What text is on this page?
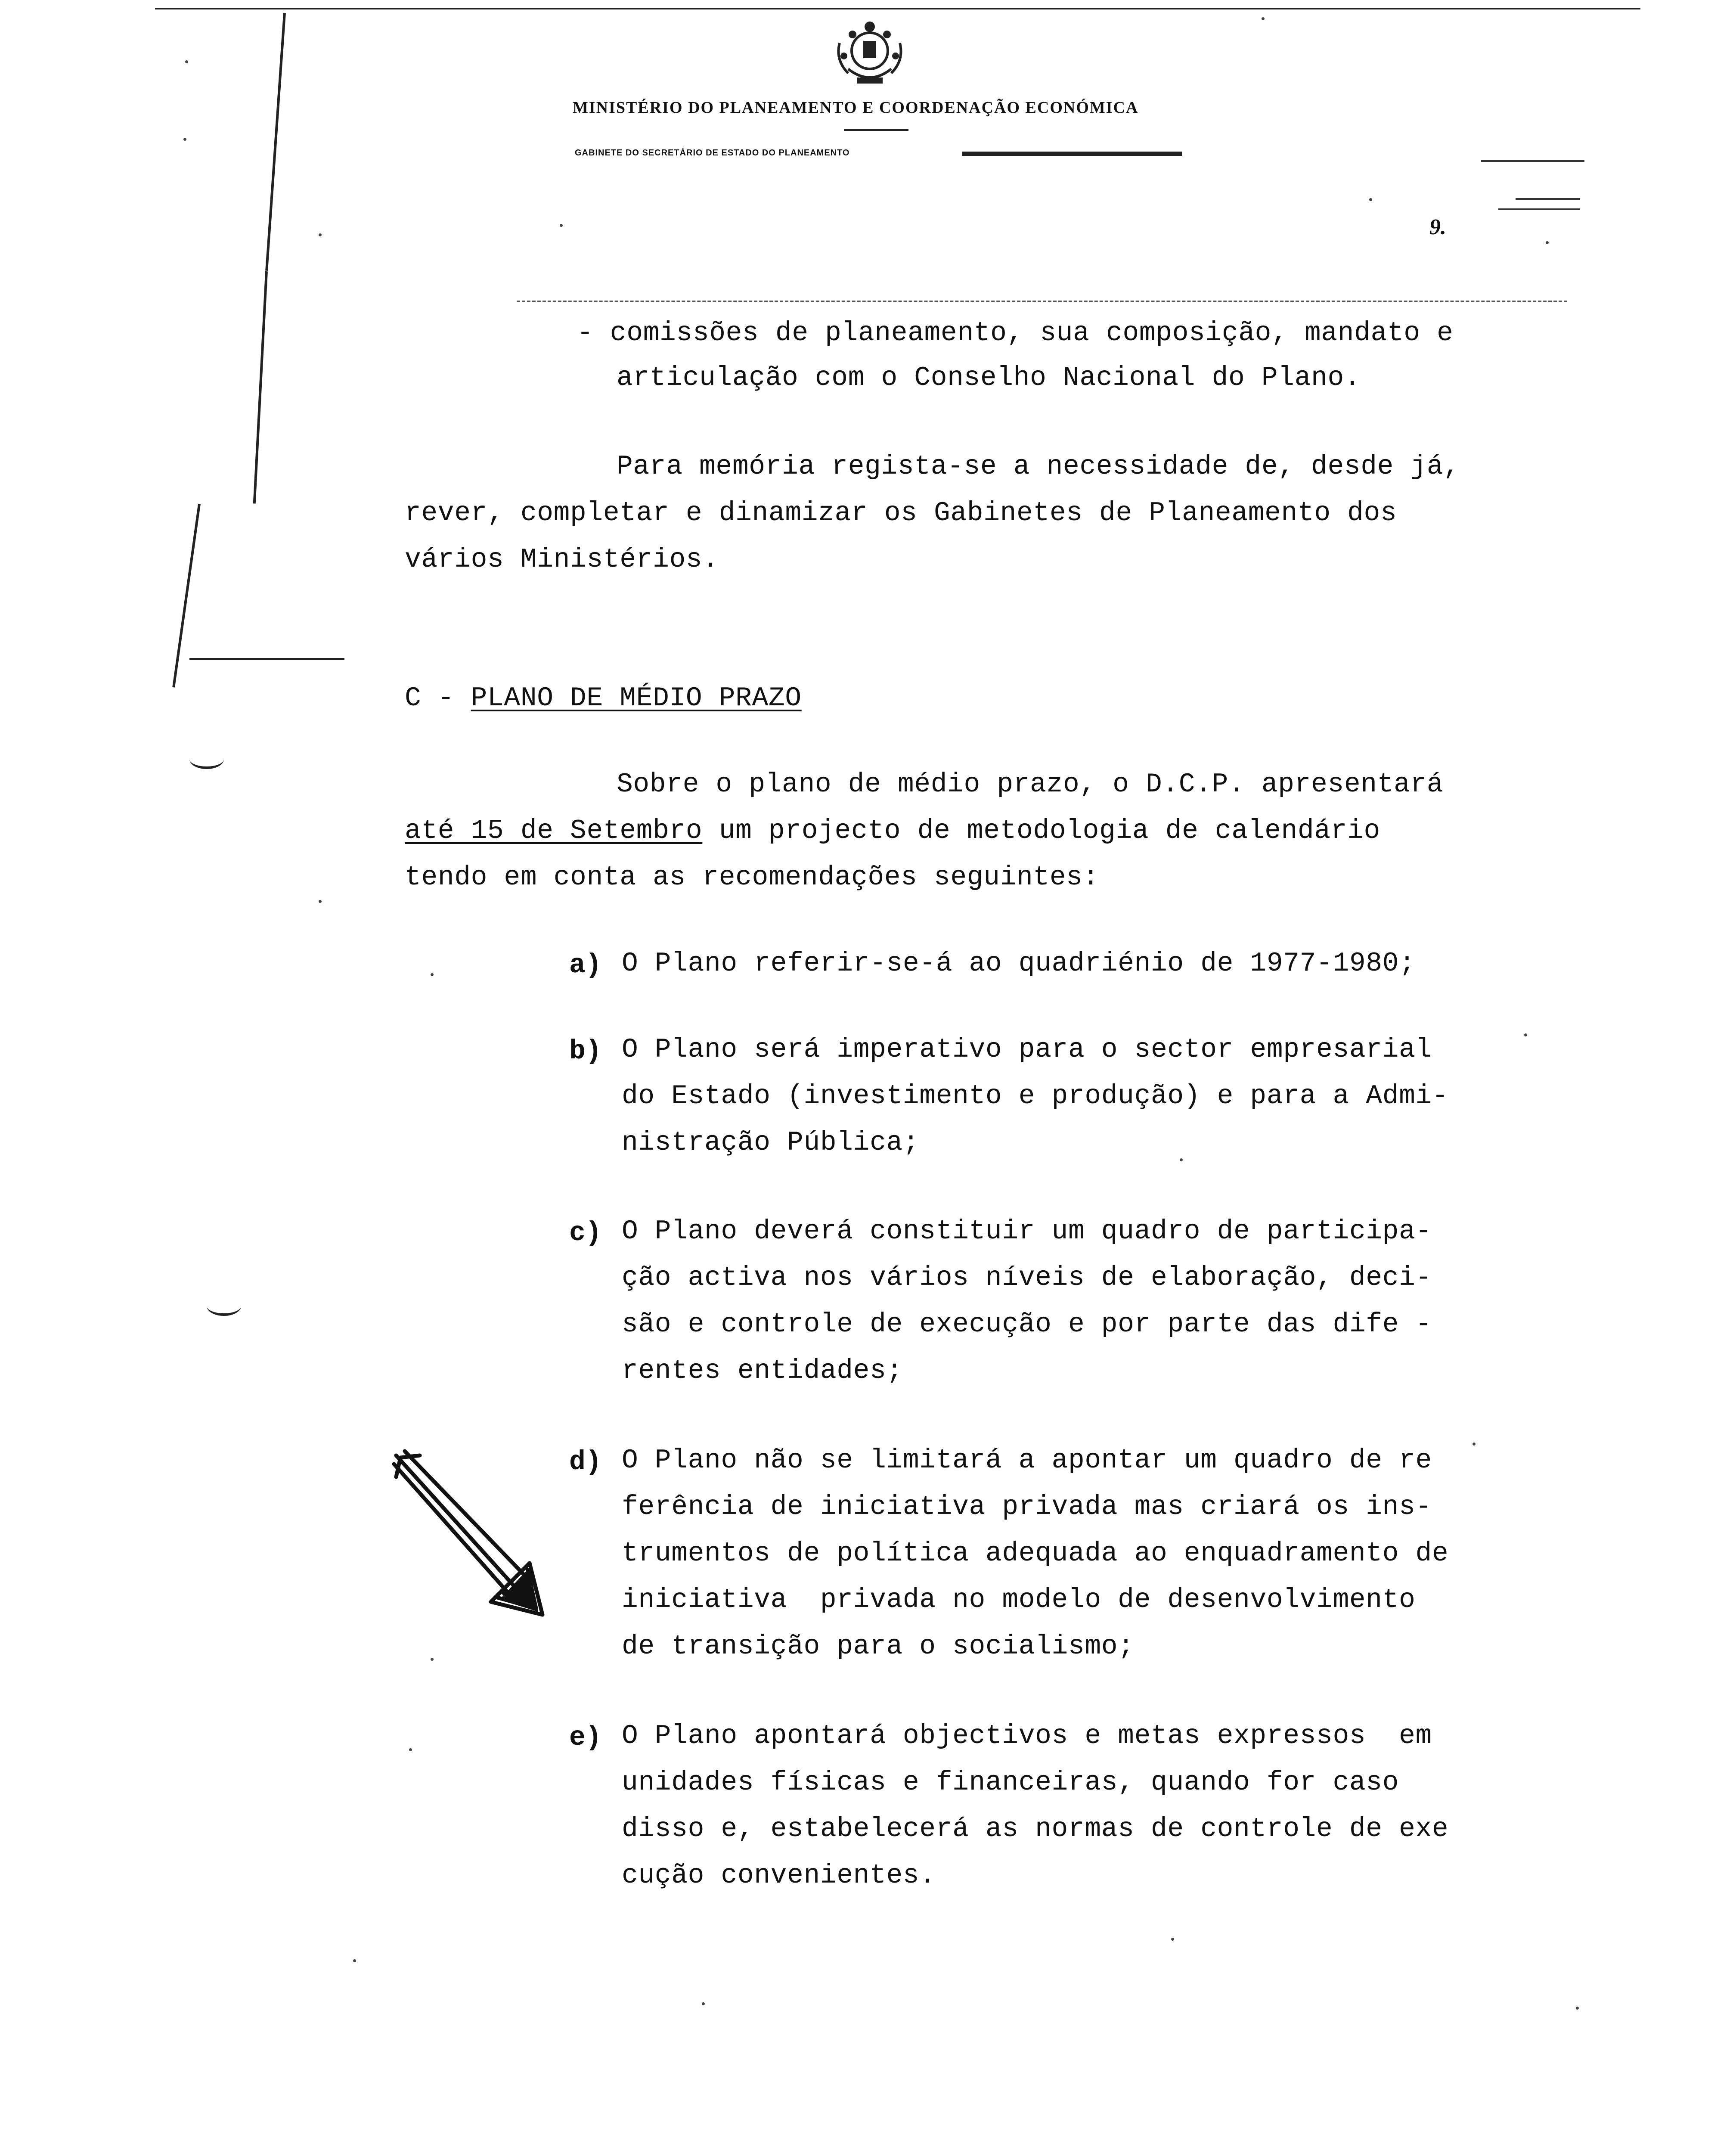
MINISTÉRIO DO PLANEAMENTO E COORDENAÇÃO ECONÓMICA
GABINETE DO SECRETÁRIO DE ESTADO DO PLANEAMENTO
9.
- comissões de planeamento, sua composição, mandato e
articulação com o Conselho Nacional do Plano.
Para memória regista-se a necessidade de, desde já,
rever, completar e dinamizar os Gabinetes de Planeamento dos
vários Ministérios.
C - PLANO DE MÉDIO PRAZO
Sobre o plano de médio prazo, o D.C.P. apresentará
até 15 de Setembro um projecto de metodologia de calendário
tendo em conta as recomendações seguintes:
a) O Plano referir-se-á ao quadriénio de 1977-1980;
b) O Plano será imperativo para o sector empresarial
do Estado (investimento e produção) e para a Admi-
nistração Pública;
c) O Plano deverá constituir um quadro de participa-
ção activa nos vários níveis de elaboração, deci-
são e controle de execução e por parte das dife -
rentes entidades;
d) O Plano não se limitará a apontar um quadro de re
ferência de iniciativa privada mas criará os ins-
trumentos de política adequada ao enquadramento de
iniciativa  privada no modelo de desenvolvimento
de transição para o socialismo;
e) O Plano apontará objectivos e metas expressos  em
unidades físicas e financeiras, quando for caso
disso e, estabelecerá as normas de controle de exe
cução convenientes.
